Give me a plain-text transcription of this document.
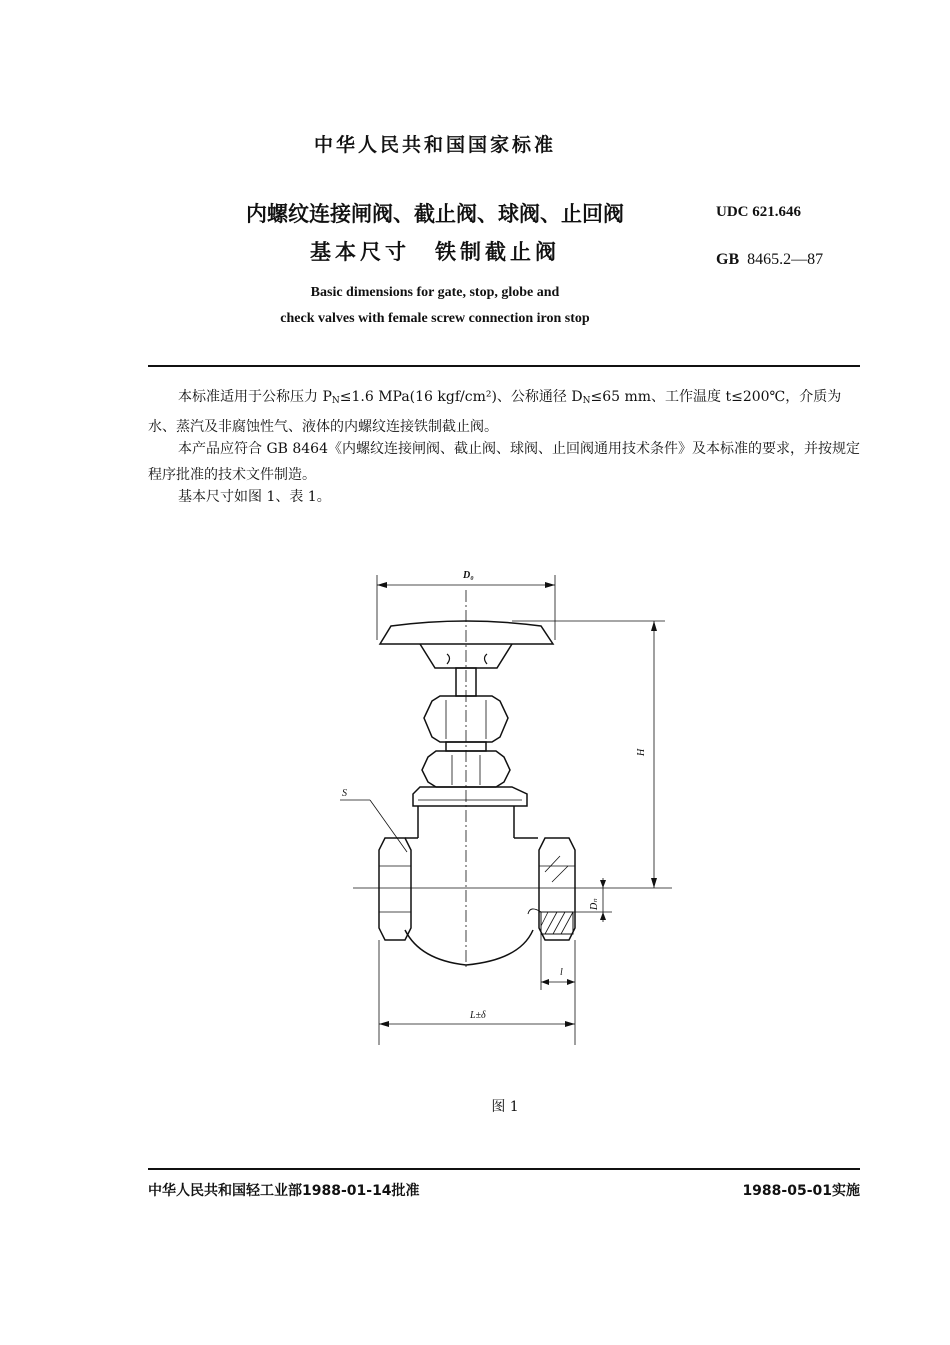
中华人民共和国国家标准
内螺纹连接闸阀、截止阀、球阀、止回阀
基本尺寸　铁制截止阀
UDC 621.646
GB 8465.2—87
Basic dimensions for gate, stop, globe and
check valves with female screw connection iron stop
本标准适用于公称压力 $P_N\le 1.6$ MPa(16 kgf/cm²)、公称通径 $D_N\le 65$ mm、工作温度 t≤200℃，介质为水、蒸汽及非腐蚀性气、液体的内螺纹连接铁制截止阀。
本产品应符合 GB 8464《内螺纹连接闸阀、截止阀、球阀、止回阀通用技术条件》及本标准的要求，并按规定程序批准的技术文件制造。
基本尺寸如图 1、表 1。
D₀
H
S
Dₙ
l
L±δ
图 1
中华人民共和国轻工业部1988-01-14批准	1988-05-01实施
